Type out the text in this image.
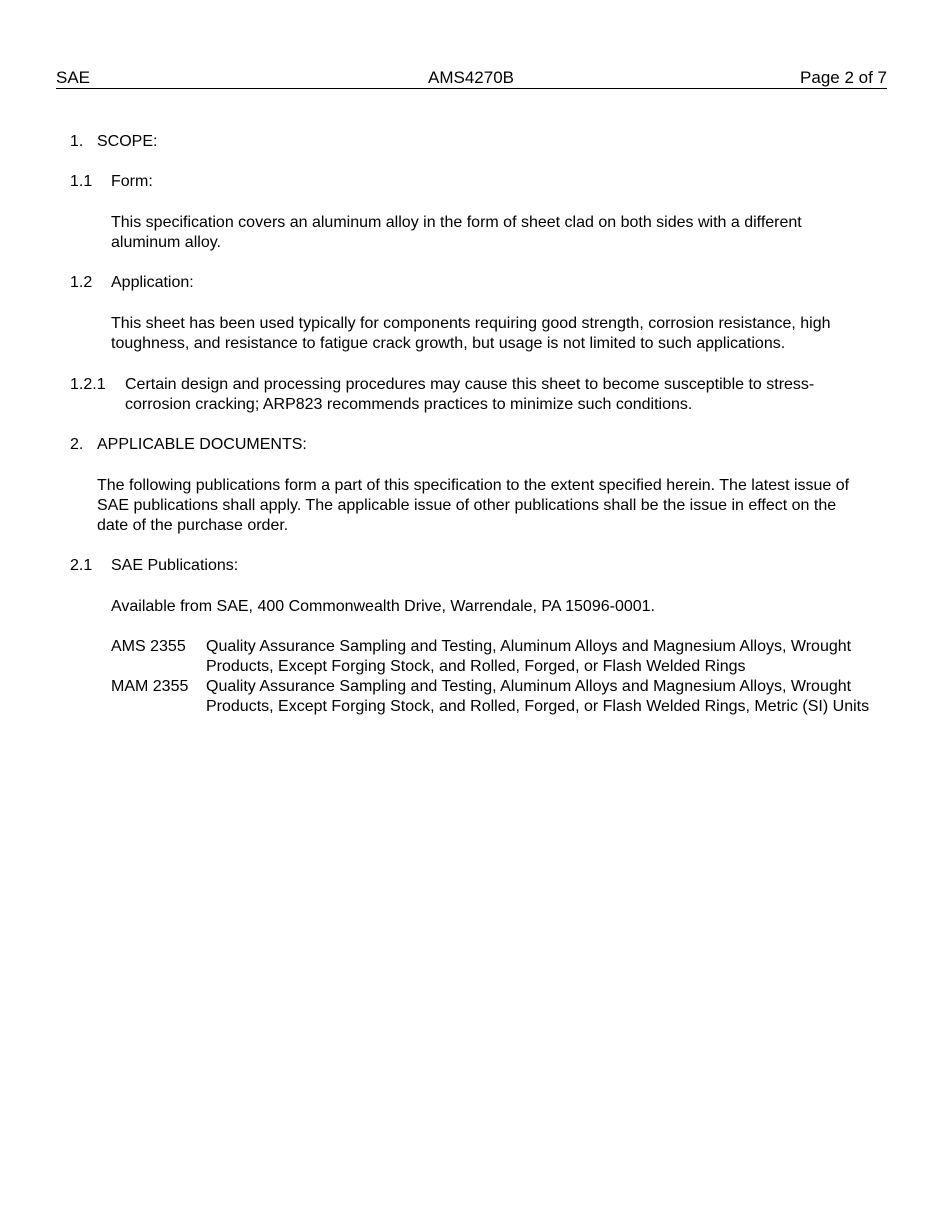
SAE	AMS4270B	Page 2 of 7
1. SCOPE:
1.1 Form:
This specification covers an aluminum alloy in the form of sheet clad on both sides with a different aluminum alloy.
1.2 Application:
This sheet has been used typically for components requiring good strength, corrosion resistance, high toughness, and resistance to fatigue crack growth, but usage is not limited to such applications.
1.2.1 Certain design and processing procedures may cause this sheet to become susceptible to stress-corrosion cracking; ARP823 recommends practices to minimize such conditions.
2. APPLICABLE DOCUMENTS:
The following publications form a part of this specification to the extent specified herein. The latest issue of SAE publications shall apply. The applicable issue of other publications shall be the issue in effect on the date of the purchase order.
2.1 SAE Publications:
Available from SAE, 400 Commonwealth Drive, Warrendale, PA 15096-0001.
AMS 2355 Quality Assurance Sampling and Testing, Aluminum Alloys and Magnesium Alloys, Wrought Products, Except Forging Stock, and Rolled, Forged, or Flash Welded Rings
MAM 2355 Quality Assurance Sampling and Testing, Aluminum Alloys and Magnesium Alloys, Wrought Products, Except Forging Stock, and Rolled, Forged, or Flash Welded Rings, Metric (SI) Units
